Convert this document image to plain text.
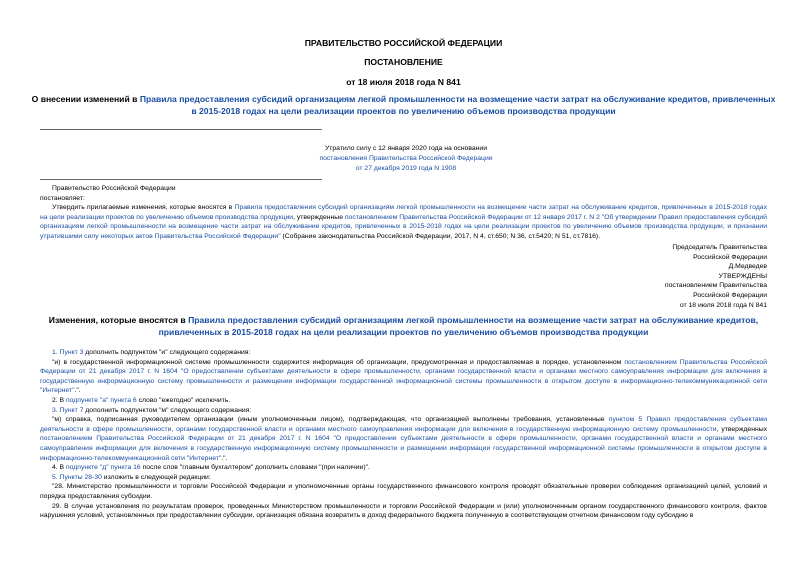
ПРАВИТЕЛЬСТВО РОССИЙСКОЙ ФЕДЕРАЦИИ
ПОСТАНОВЛЕНИЕ
от 18 июля 2018 года N 841
О внесении изменений в Правила предоставления субсидий организациям легкой промышленности на возмещение части затрат на обслуживание кредитов, привлеченных в 2015-2018 годах на цели реализации проектов по увеличению объемов производства продукции
Утратило силу с 12 января 2020 года на основании
постановления Правительства Российской Федерации
от 27 декабря 2019 года N 1908
Правительство Российской Федерации
постановляет:
Утвердить прилагаемые изменения, которые вносятся в Правила предоставления субсидий организациям легкой промышленности на возмещение части затрат на обслуживание кредитов, привлеченных в 2015-2018 годах на цели реализации проектов по увеличению объемов производства продукции, утвержденные постановлением Правительства Российской Федерации от 12 января 2017 г. N 2 "Об утверждении Правил предоставления субсидий организациям легкой промышленности на возмещение части затрат на обслуживание кредитов, привлеченных в 2015-2018 годах на цели реализации проектов по увеличению объемов производства продукции, и признании утратившими силу некоторых актов Правительства Российской Федерации" (Собрание законодательства Российской Федерации, 2017, N 4, ст.650; N 36, ст.5420; N 51, ст.7816).
Председатель Правительства
Российской Федерации
Д.Медведев
УТВЕРЖДЕНЫ
постановлением Правительства
Российской Федерации
от 18 июля 2018 года N 841
Изменения, которые вносятся в Правила предоставления субсидий организациям легкой промышленности на возмещение части затрат на обслуживание кредитов, привлеченных в 2015-2018 годах на цели реализации проектов по увеличению объемов производства продукции
1. Пункт 3 дополнить подпунктом "и" следующего содержания:
"и) в государственной информационной системе промышленности содержится информация об организации, предусмотренная и предоставляемая в порядке, установленном постановлением Правительства Российской Федерации от 21 декабря 2017 г. N 1604 "О предоставлении субъектами деятельности в сфере промышленности, органами государственной власти и органами местного самоуправления информации для включения в государственную информационную систему промышленности и размещении информации государственной информационной системы промышленности в открытом доступе в информационно-телекоммуникационной сети "Интернет".".
2. В подпункте "а" пункта 6 слово "ежегодно" исключить.
3. Пункт 7 дополнить подпунктом "м" следующего содержания:
"м) справка, подписанная руководителем организации (иным уполномоченным лицом), подтверждающая, что организацией выполнены требования, установленные пунктом 5 Правил предоставления субъектами деятельности в сфере промышленности, органами государственной власти и органами местного самоуправления информации для включения в государственную информационную систему промышленности, утвержденных постановлением Правительства Российской Федерации от 21 декабря 2017 г. N 1604 "О предоставлении субъектами деятельности в сфере промышленности, органами государственной власти и органами местного самоуправления информации для включения в государственную информационную систему промышленности и размещении информации государственной информационной системы промышленности в открытом доступе в информационно-телекоммуникационной сети "Интернет".".
4. В подпункте "д" пункта 16 после слов "главным бухгалтером" дополнить словами "(при наличии)".
5. Пункты 28-30 изложить в следующей редакции:
"28. Министерство промышленности и торговли Российской Федерации и уполномоченные органы государственного финансового контроля проводят обязательные проверки соблюдения организацией целей, условий и порядка предоставления субсидии.
29. В случае установления по результатам проверок, проведенных Министерством промышленности и торговли Российской Федерации и (или) уполномоченным органом государственного финансового контроля, фактов нарушения условий, установленных при предоставлении субсидии, организация обязана возвратить в доход федерального бюджета полученную в соответствующем отчетном финансовом году субсидию в
